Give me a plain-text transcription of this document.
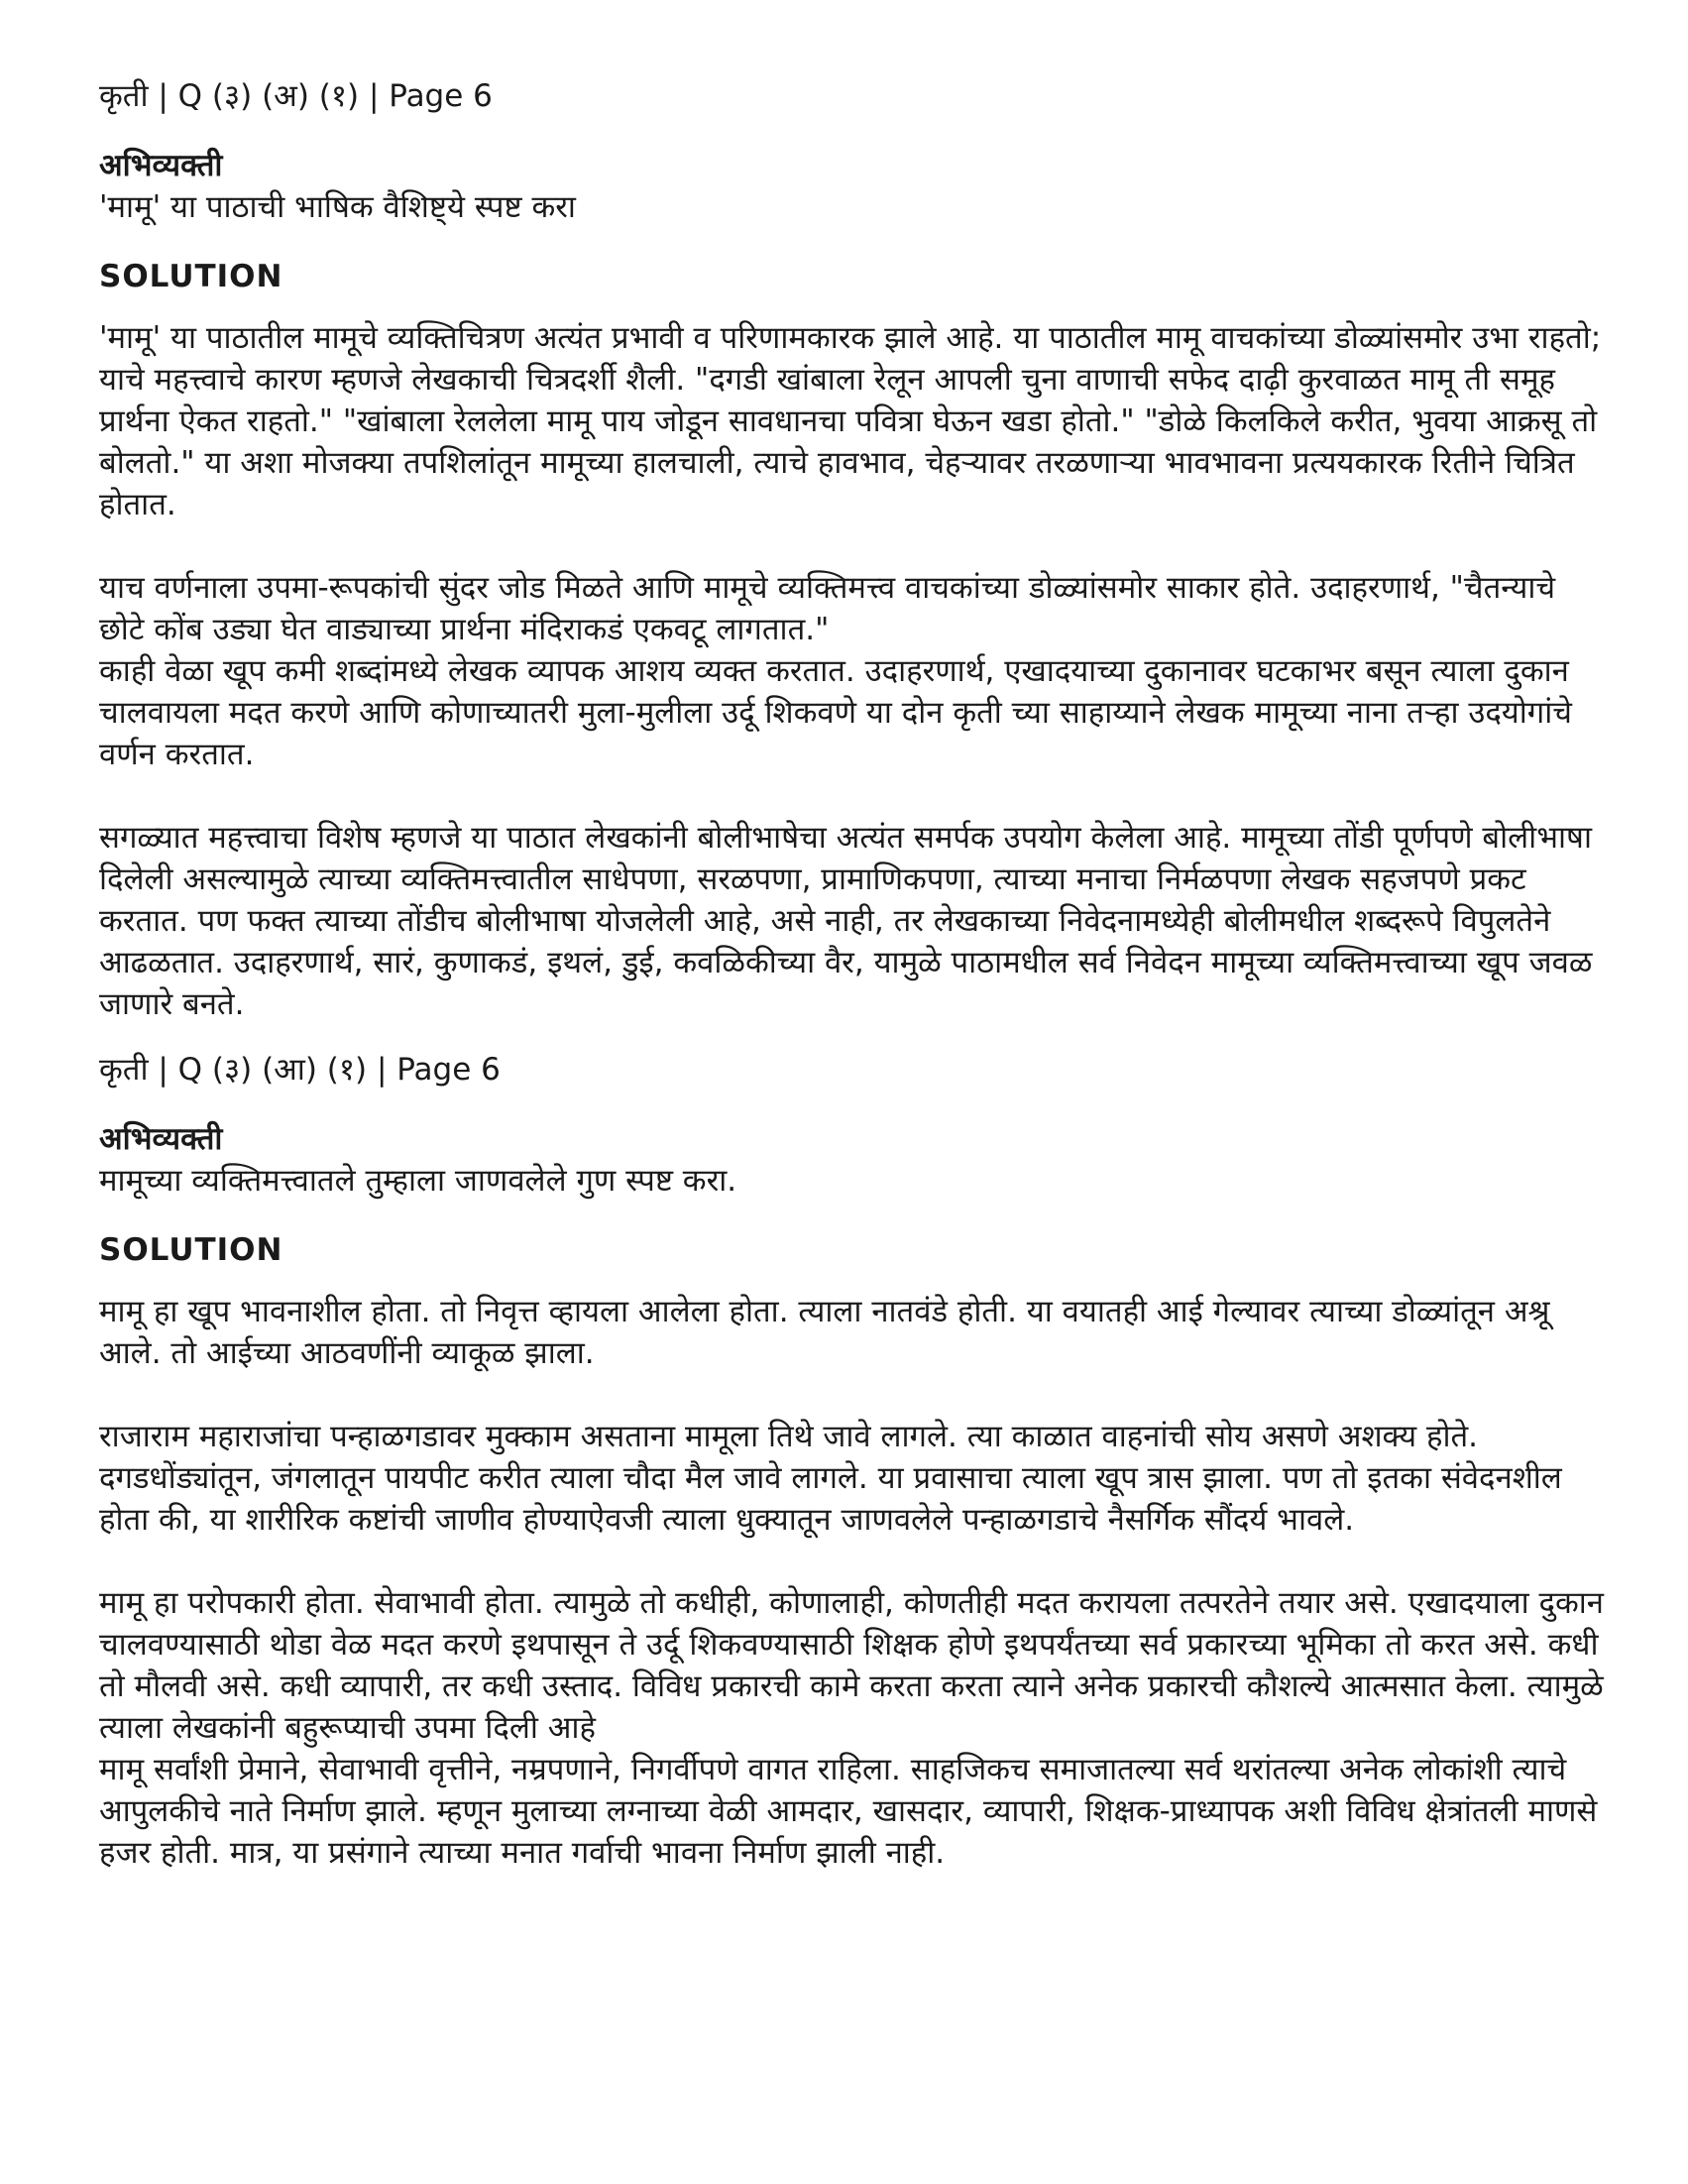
कृती | Q (३) (अ) (१) | Page 6

अभिव्यक्ती

'मामू' या पाठाची भाषिक वैशिष्ट्ये स्पष्ट करा

SOLUTION

'मामू' या पाठातील मामूचे व्यक्तिचित्रण अत्यंत प्रभावी व परिणामकारक झाले आहे. या पाठातील मामू वाचकांच्या डोळ्यांसमोर उभा राहतो; याचे महत्त्वाचे कारण म्हणजे लेखकाची चित्रदर्शी शैली. "दगडी खांबाला रेलून आपली चुना वाणाची सफेद दाढ़ी कुरवाळत मामू ती समूह प्रार्थना ऐकत राहतो." "खांबाला रेललेला मामू पाय जोडून सावधानचा पवित्रा घेऊन खडा होतो." "डोळे किलकिले करीत, भुवया आक्रसू तो बोलतो." या अशा मोजक्या तपशिलांतून मामूच्या हालचाली, त्याचे हावभाव, चेहऱ्यावर तरळणाऱ्या भावभावना प्रत्ययकारक रितीने चित्रित होतात.

याच वर्णनाला उपमा-रूपकांची सुंदर जोड मिळते आणि मामूचे व्यक्तिमत्त्व वाचकांच्या डोळ्यांसमोर साकार होते. उदाहरणार्थ, "चैतन्याचे छोटे कोंब उड्या घेत वाड्याच्या प्रार्थना मंदिराकडं एकवटू लागतात."
काही वेळा खूप कमी शब्दांमध्ये लेखक व्यापक आशय व्यक्त करतात. उदाहरणार्थ, एखादयाच्या दुकानावर घटकाभर बसून त्याला दुकान चालवायला मदत करणे आणि कोणाच्यातरी मुला-मुलीला उर्दू शिकवणे या दोन कृती च्या साहाय्याने लेखक मामूच्या नाना तऱ्हा उदयोगांचे वर्णन करतात.

सगळ्यात महत्त्वाचा विशेष म्हणजे या पाठात लेखकांनी बोलीभाषेचा अत्यंत समर्पक उपयोग केलेला आहे. मामूच्या तोंडी पूर्णपणे बोलीभाषा दिलेली असल्यामुळे त्याच्या व्यक्तिमत्त्वातील साधेपणा, सरळपणा, प्रामाणिकपणा, त्याच्या मनाचा निर्मळपणा लेखक सहजपणे प्रकट करतात. पण फक्त त्याच्या तोंडीच बोलीभाषा योजलेली आहे, असे नाही, तर लेखकाच्या निवेदनामध्येही बोलीमधील शब्दरूपे विपुलतेने आढळतात. उदाहरणार्थ, सारं, कुणाकडं, इथलं, डुई, कवळिकीच्या वैर, यामुळे पाठामधील सर्व निवेदन मामूच्या व्यक्तिमत्त्वाच्या खूप जवळ जाणारे बनते.

कृती | Q (३) (आ) (१) | Page 6

अभिव्यक्ती

मामूच्या व्यक्तिमत्त्वातले तुम्हाला जाणवलेले गुण स्पष्ट करा.

SOLUTION

मामू हा खूप भावनाशील होता. तो निवृत्त व्हायला आलेला होता. त्याला नातवंडे होती. या वयातही आई गेल्यावर त्याच्या डोळ्यांतून अश्रू आले. तो आईच्या आठवणींनी व्याकूळ झाला.

राजाराम महाराजांचा पन्हाळगडावर मुक्काम असताना मामूला तिथे जावे लागले. त्या काळात वाहनांची सोय असणे अशक्य होते. दगडधोंड्यांतून, जंगलातून पायपीट करीत त्याला चौदा मैल जावे लागले. या प्रवासाचा त्याला खूप त्रास झाला. पण तो इतका संवेदनशील होता की, या शारीरिक कष्टांची जाणीव होण्याऐवजी त्याला धुक्यातून जाणवलेले पन्हाळगडाचे नैसर्गिक सौंदर्य भावले.

मामू हा परोपकारी होता. सेवाभावी होता. त्यामुळे तो कधीही, कोणालाही, कोणतीही मदत करायला तत्परतेने तयार असे. एखादयाला दुकान चालवण्यासाठी थोडा वेळ मदत करणे इथपासून ते उर्दू शिकवण्यासाठी शिक्षक होणे इथपर्यंतच्या सर्व प्रकारच्या भूमिका तो करत असे. कधी तो मौलवी असे. कधी व्यापारी, तर कधी उस्ताद. विविध प्रकारची कामे करता करता त्याने अनेक प्रकारची कौशल्ये आत्मसात केला. त्यामुळे त्याला लेखकांनी बहुरूप्याची उपमा दिली आहे
मामू सर्वांशी प्रेमाने, सेवाभावी वृत्तीने, नम्रपणाने, निगर्वीपणे वागत राहिला. साहजिकच समाजातल्या सर्व थरांतल्या अनेक लोकांशी त्याचे आपुलकीचे नाते निर्माण झाले. म्हणून मुलाच्या लग्नाच्या वेळी आमदार, खासदार, व्यापारी, शिक्षक-प्राध्यापक अशी विविध क्षेत्रांतली माणसे हजर होती. मात्र, या प्रसंगाने त्याच्या मनात गर्वाची भावना निर्माण झाली नाही.
